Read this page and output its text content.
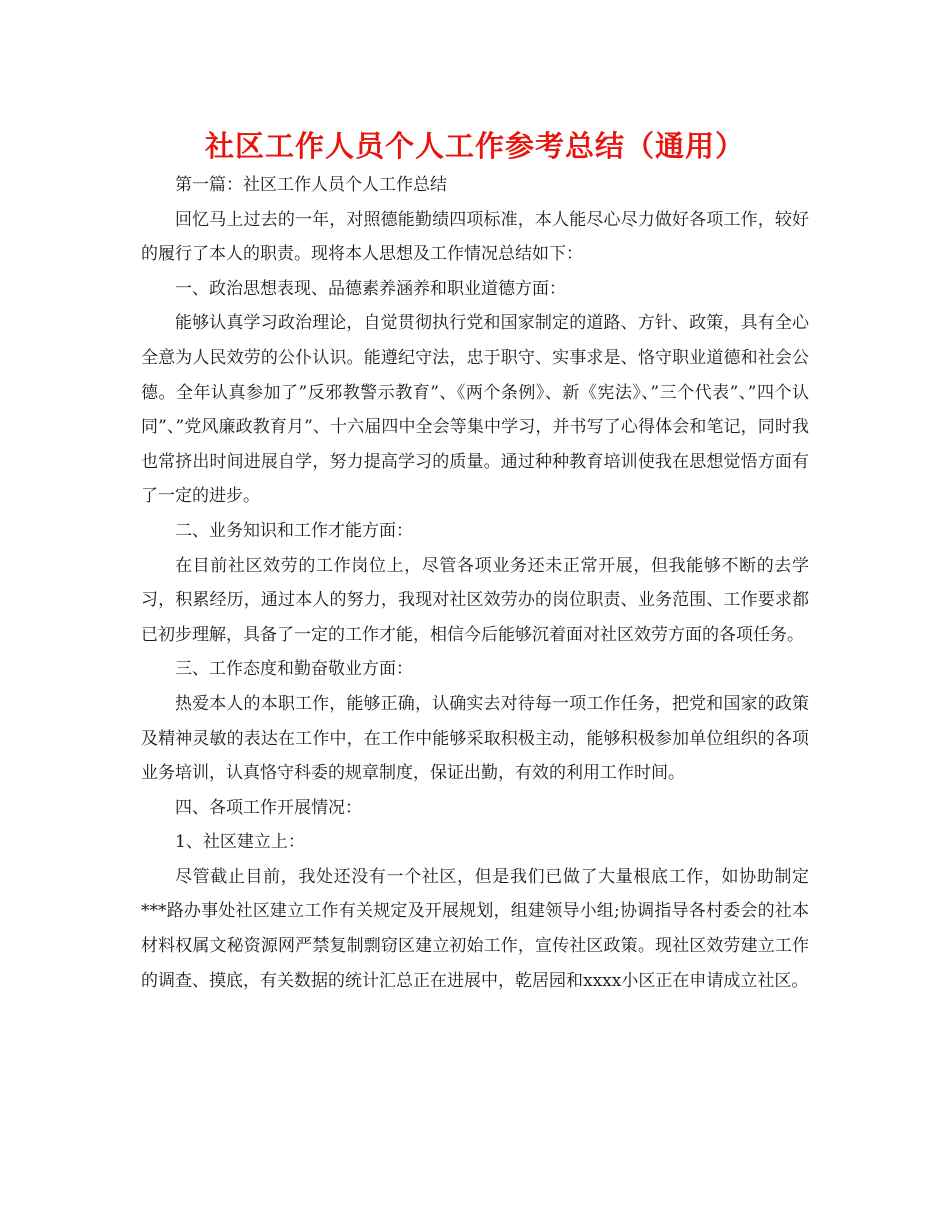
社区工作人员个人工作参考总结（通用）

第一篇：社区工作人员个人工作总结

回忆马上过去的一年，对照德能勤绩四项标准，本人能尽心尽力做好各项工作，较好的履行了本人的职责。现将本人思想及工作情况总结如下：

一、政治思想表现、品德素养涵养和职业道德方面：

能够认真学习政治理论，自觉贯彻执行党和国家制定的道路、方针、政策，具有全心全意为人民效劳的公仆认识。能遵纪守法，忠于职守、实事求是、恪守职业道德和社会公德。全年认真参加了”反邪教警示教育”、《两个条例》、新《宪法》、”三个代表”、”四个认同”、”党风廉政教育月”、十六届四中全会等集中学习，并书写了心得体会和笔记，同时我也常挤出时间进展自学，努力提高学习的质量。通过种种教育培训使我在思想觉悟方面有了一定的进步。

二、业务知识和工作才能方面：

在目前社区效劳的工作岗位上，尽管各项业务还未正常开展，但我能够不断的去学习，积累经历，通过本人的努力，我现对社区效劳办的岗位职责、业务范围、工作要求都已初步理解，具备了一定的工作才能，相信今后能够沉着面对社区效劳方面的各项任务。

三、工作态度和勤奋敬业方面：

热爱本人的本职工作，能够正确，认确实去对待每一项工作任务，把党和国家的政策及精神灵敏的表达在工作中，在工作中能够采取积极主动，能够积极参加单位组织的各项业务培训，认真恪守科委的规章制度，保证出勤，有效的利用工作时间。

四、各项工作开展情况：

1、社区建立上：

尽管截止目前，我处还没有一个社区，但是我们已做了大量根底工作，如协助制定***路办事处社区建立工作有关规定及开展规划，组建领导小组;协调指导各村委会的社本材料权属文秘资源网严禁复制剽窃区建立初始工作，宣传社区政策。现社区效劳建立工作的调查、摸底，有关数据的统计汇总正在进展中，乾居园和xxxx小区正在申请成立社区。
